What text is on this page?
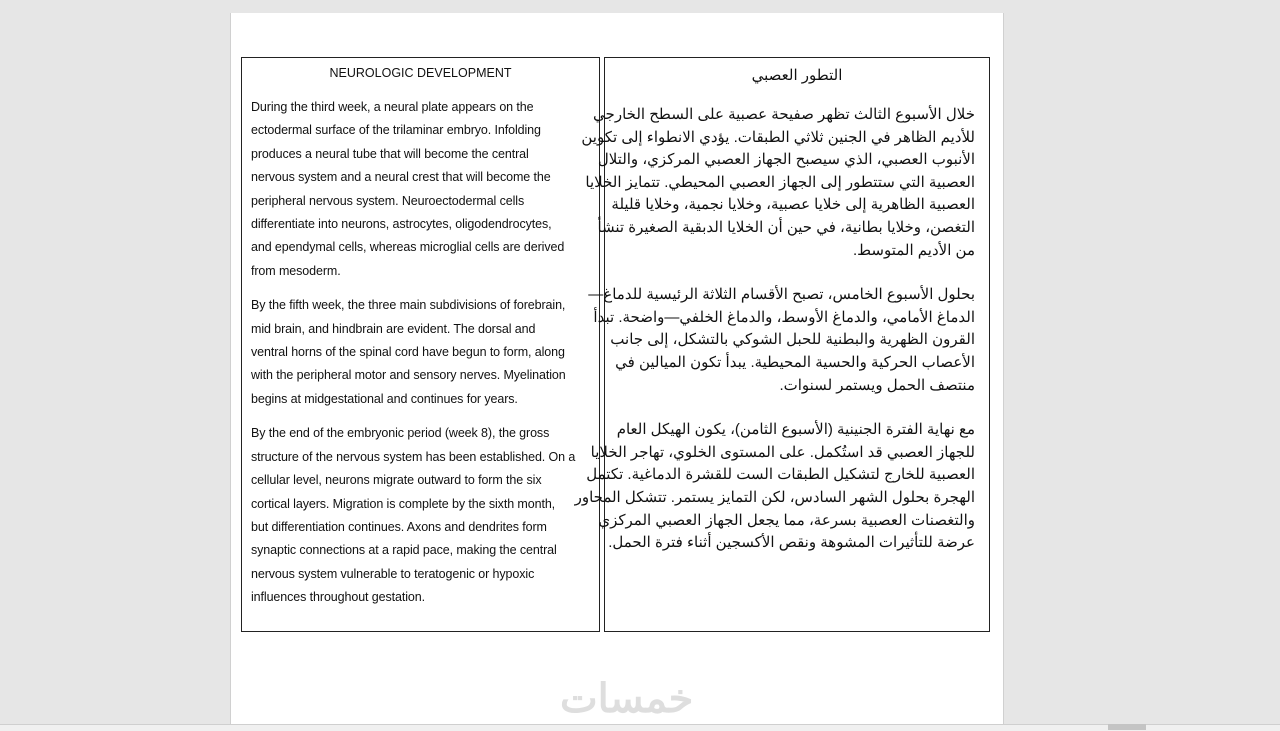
NEUROLOGIC DEVELOPMENT
During the third week, a neural plate appears on the
ectodermal surface of the trilaminar embryo. Infolding
produces a neural tube that will become the central
nervous system and a neural crest that will become the
peripheral nervous system. Neuroectodermal cells
differentiate into neurons, astrocytes, oligodendrocytes,
and ependymal cells, whereas microglial cells are derived
from mesoderm.
By the fifth week, the three main subdivisions of forebrain,
mid brain, and hindbrain are evident. The dorsal and
ventral horns of the spinal cord have begun to form, along
with the peripheral motor and sensory nerves. Myelination
begins at midgestational and continues for years.
By the end of the embryonic period (week 8), the gross
structure of the nervous system has been established. On a
cellular level, neurons migrate outward to form the six
cortical layers. Migration is complete by the sixth month,
but differentiation continues. Axons and dendrites form
synaptic connections at a rapid pace, making the central
nervous system vulnerable to teratogenic or hypoxic
influences throughout gestation.
التطور العصبي
خلال الأسبوع الثالث تظهر صفيحة عصبية على السطح الخارجي
للأديم الظاهر في الجنين ثلاثي الطبقات. يؤدي الانطواء إلى تكوين
الأنبوب العصبي، الذي سيصبح الجهاز العصبي المركزي، والتلال
العصبية التي ستتطور إلى الجهاز العصبي المحيطي. تتمايز الخلايا
العصبية الظاهرية إلى خلايا عصبية، وخلايا نجمية، وخلايا قليلة
التغصن، وخلايا بطانية، في حين أن الخلايا الدبقية الصغيرة تنشأ
من الأديم المتوسط.
بحلول الأسبوع الخامس، تصبح الأقسام الثلاثة الرئيسية للدماغ—
الدماغ الأمامي، والدماغ الأوسط، والدماغ الخلفي—واضحة. تبدأ
القرون الظهرية والبطنية للحبل الشوكي بالتشكل، إلى جانب
الأعصاب الحركية والحسية المحيطية. يبدأ تكون الميالين في
منتصف الحمل ويستمر لسنوات.
مع نهاية الفترة الجنينية (الأسبوع الثامن)، يكون الهيكل العام
للجهاز العصبي قد استُكمل. على المستوى الخلوي، تهاجر الخلايا
العصبية للخارج لتشكيل الطبقات الست للقشرة الدماغية. تكتمل
الهجرة بحلول الشهر السادس، لكن التمايز يستمر. تتشكل المحاور
والتغصنات العصبية بسرعة، مما يجعل الجهاز العصبي المركزي
عرضة للتأثيرات المشوهة ونقص الأكسجين أثناء فترة الحمل.
خمسات
